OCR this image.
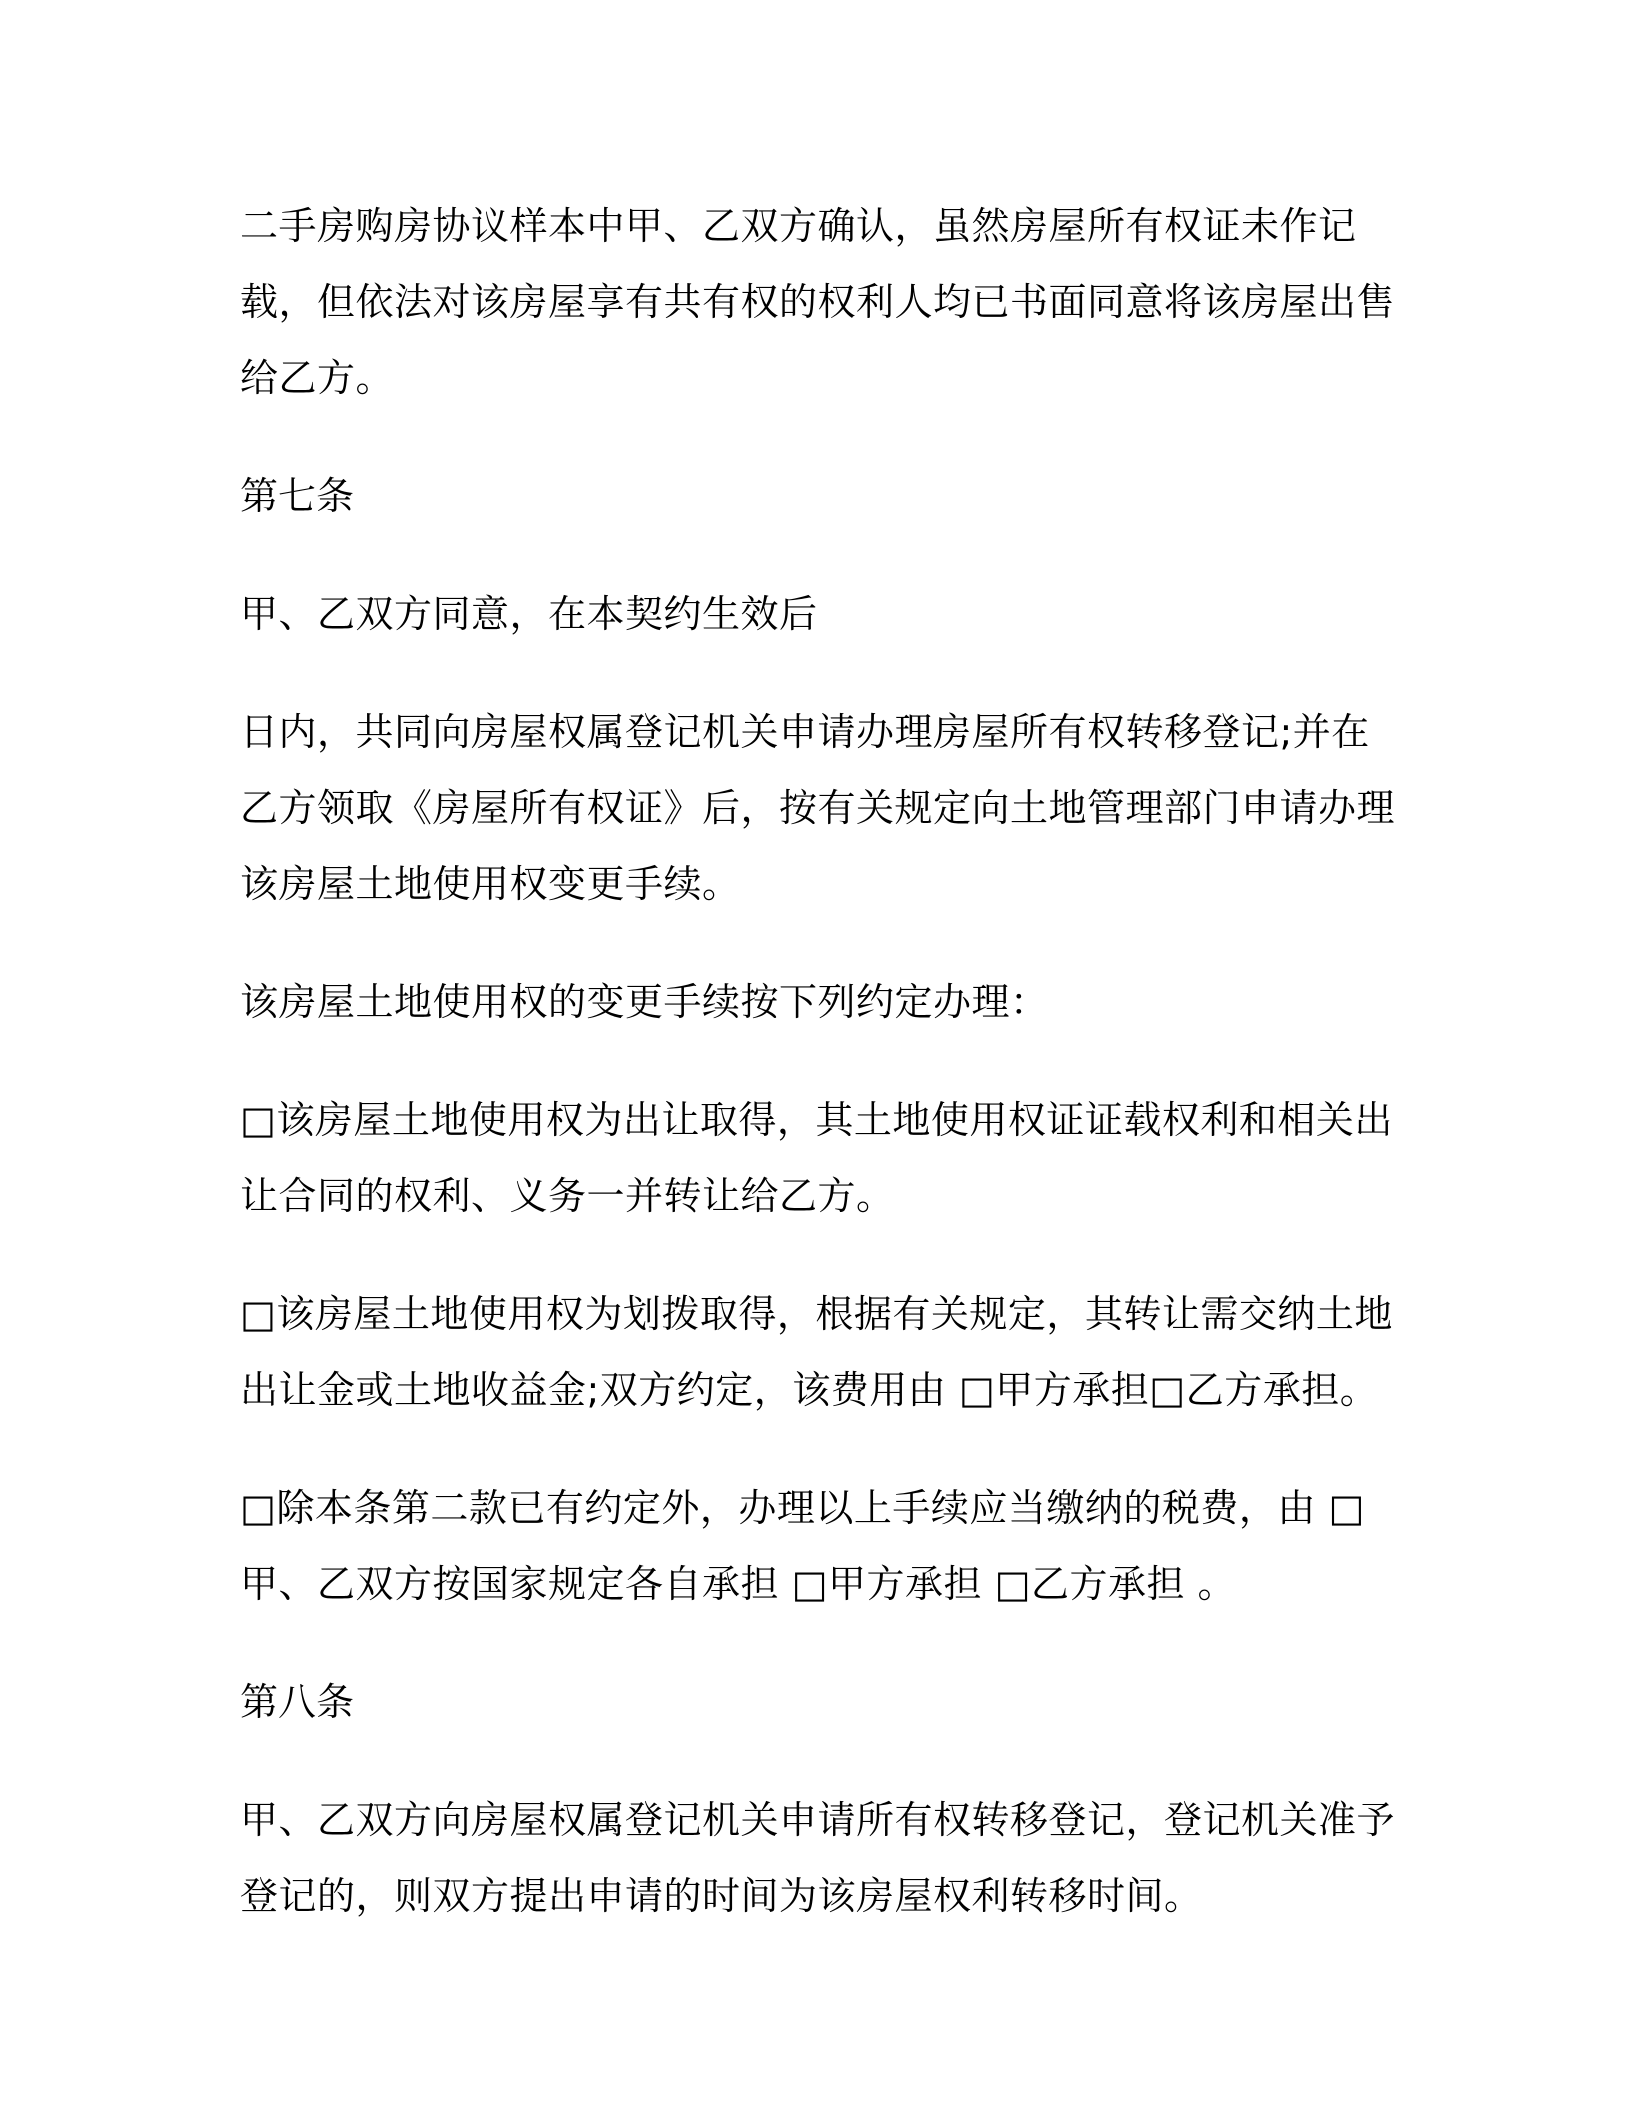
二手房购房协议样本中甲、乙双方确认，虽然房屋所有权证未作记载，但依法对该房屋享有共有权的权利人均已书面同意将该房屋出售给乙方。

第七条

甲、乙双方同意，在本契约生效后

日内，共同向房屋权属登记机关申请办理房屋所有权转移登记;并在乙方领取《房屋所有权证》后，按有关规定向土地管理部门申请办理该房屋土地使用权变更手续。

该房屋土地使用权的变更手续按下列约定办理：

□该房屋土地使用权为出让取得，其土地使用权证证载权利和相关出让合同的权利、义务一并转让给乙方。

□该房屋土地使用权为划拨取得，根据有关规定，其转让需交纳土地出让金或土地收益金;双方约定，该费用由 □甲方承担□乙方承担。

□除本条第二款已有约定外，办理以上手续应当缴纳的税费，由 □甲、乙双方按国家规定各自承担 □甲方承担 □乙方承担 。

第八条

甲、乙双方向房屋权属登记机关申请所有权转移登记，登记机关准予登记的，则双方提出申请的时间为该房屋权利转移时间。
